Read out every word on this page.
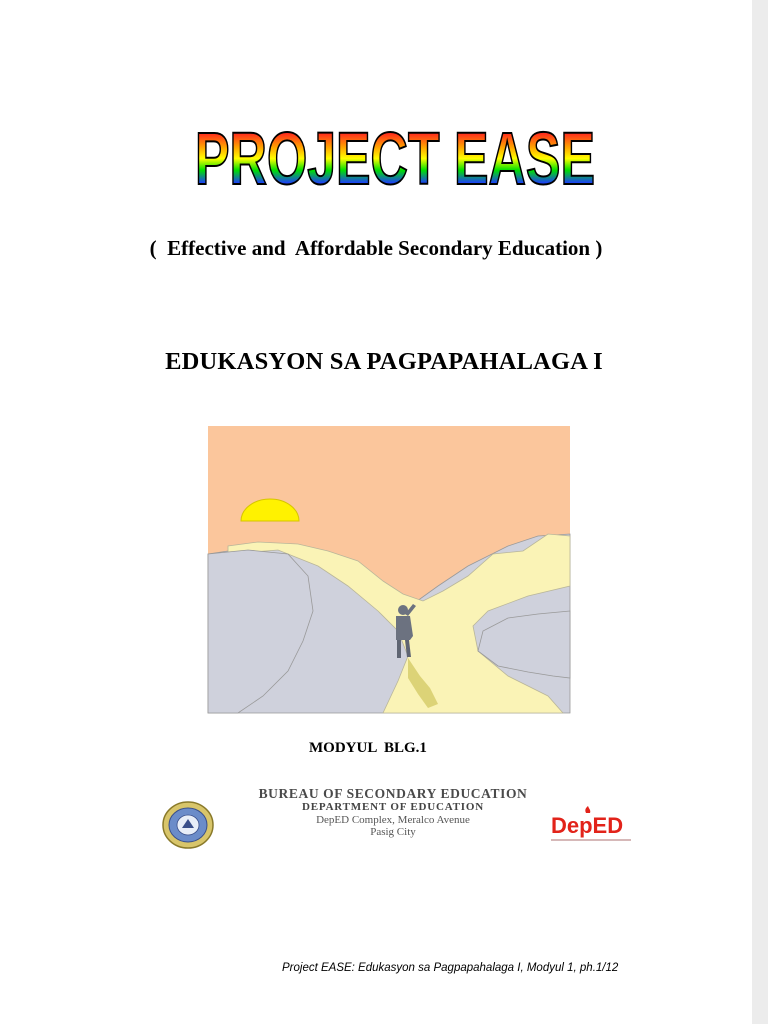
PROJECT EASE
(  Effective and  Affordable Secondary Education )
EDUKASYON SA PAGPAPAHALAGA I
MODYUL  BLG.1
BUREAU OF SECONDARY EDUCATION
DEPARTMENT OF EDUCATION
DepED Complex, Meralco Avenue
Pasig City	DepED
Project EASE: Edukasyon sa Pagpapahalaga I, Modyul 1, ph.1/12
